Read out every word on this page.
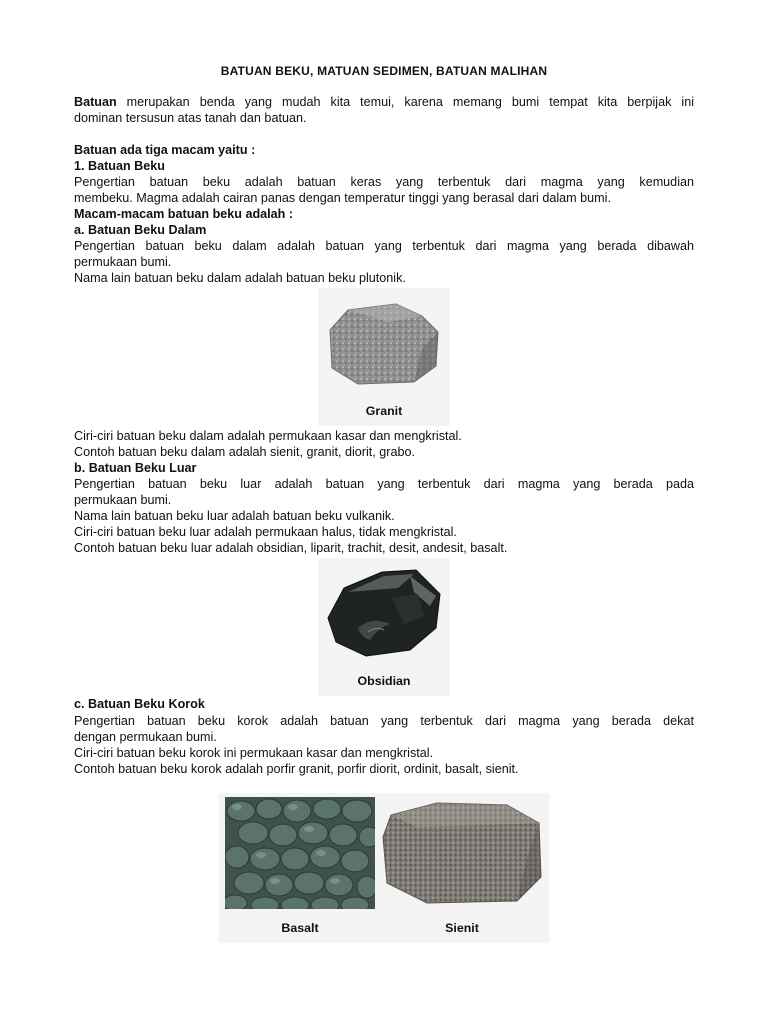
BATUAN BEKU, MATUAN SEDIMEN, BATUAN MALIHAN
Batuan merupakan benda yang mudah kita temui, karena memang bumi tempat kita berpijak ini
dominan tersusun atas tanah dan batuan.
Batuan ada tiga macam yaitu :
1. Batuan Beku
Pengertian batuan beku adalah batuan keras yang terbentuk dari magma yang kemudian
membeku. Magma adalah cairan panas dengan temperatur tinggi yang berasal dari dalam bumi.
Macam-macam batuan beku adalah :
a. Batuan Beku Dalam
Pengertian batuan beku dalam adalah batuan yang terbentuk dari magma yang berada dibawah
permukaan bumi.
Nama lain batuan beku dalam adalah batuan beku plutonik.
Granit
Ciri-ciri batuan beku dalam adalah permukaan kasar dan mengkristal.
Contoh batuan beku dalam adalah sienit, granit, diorit, grabo.
b. Batuan Beku Luar
Pengertian batuan beku luar adalah batuan yang terbentuk dari magma yang berada pada
permukaan bumi.
Nama lain batuan beku luar adalah batuan beku vulkanik.
Ciri-ciri batuan beku luar adalah permukaan halus, tidak mengkristal.
Contoh batuan beku luar adalah obsidian, liparit, trachit, desit, andesit, basalt.
Obsidian
c. Batuan Beku Korok
Pengertian batuan beku korok adalah batuan yang terbentuk dari magma yang berada dekat
dengan permukaan bumi.
Ciri-ciri batuan beku korok ini permukaan kasar dan mengkristal.
Contoh batuan beku korok adalah porfir granit, porfir diorit, ordinit, basalt, sienit.
Basalt	Sienit
